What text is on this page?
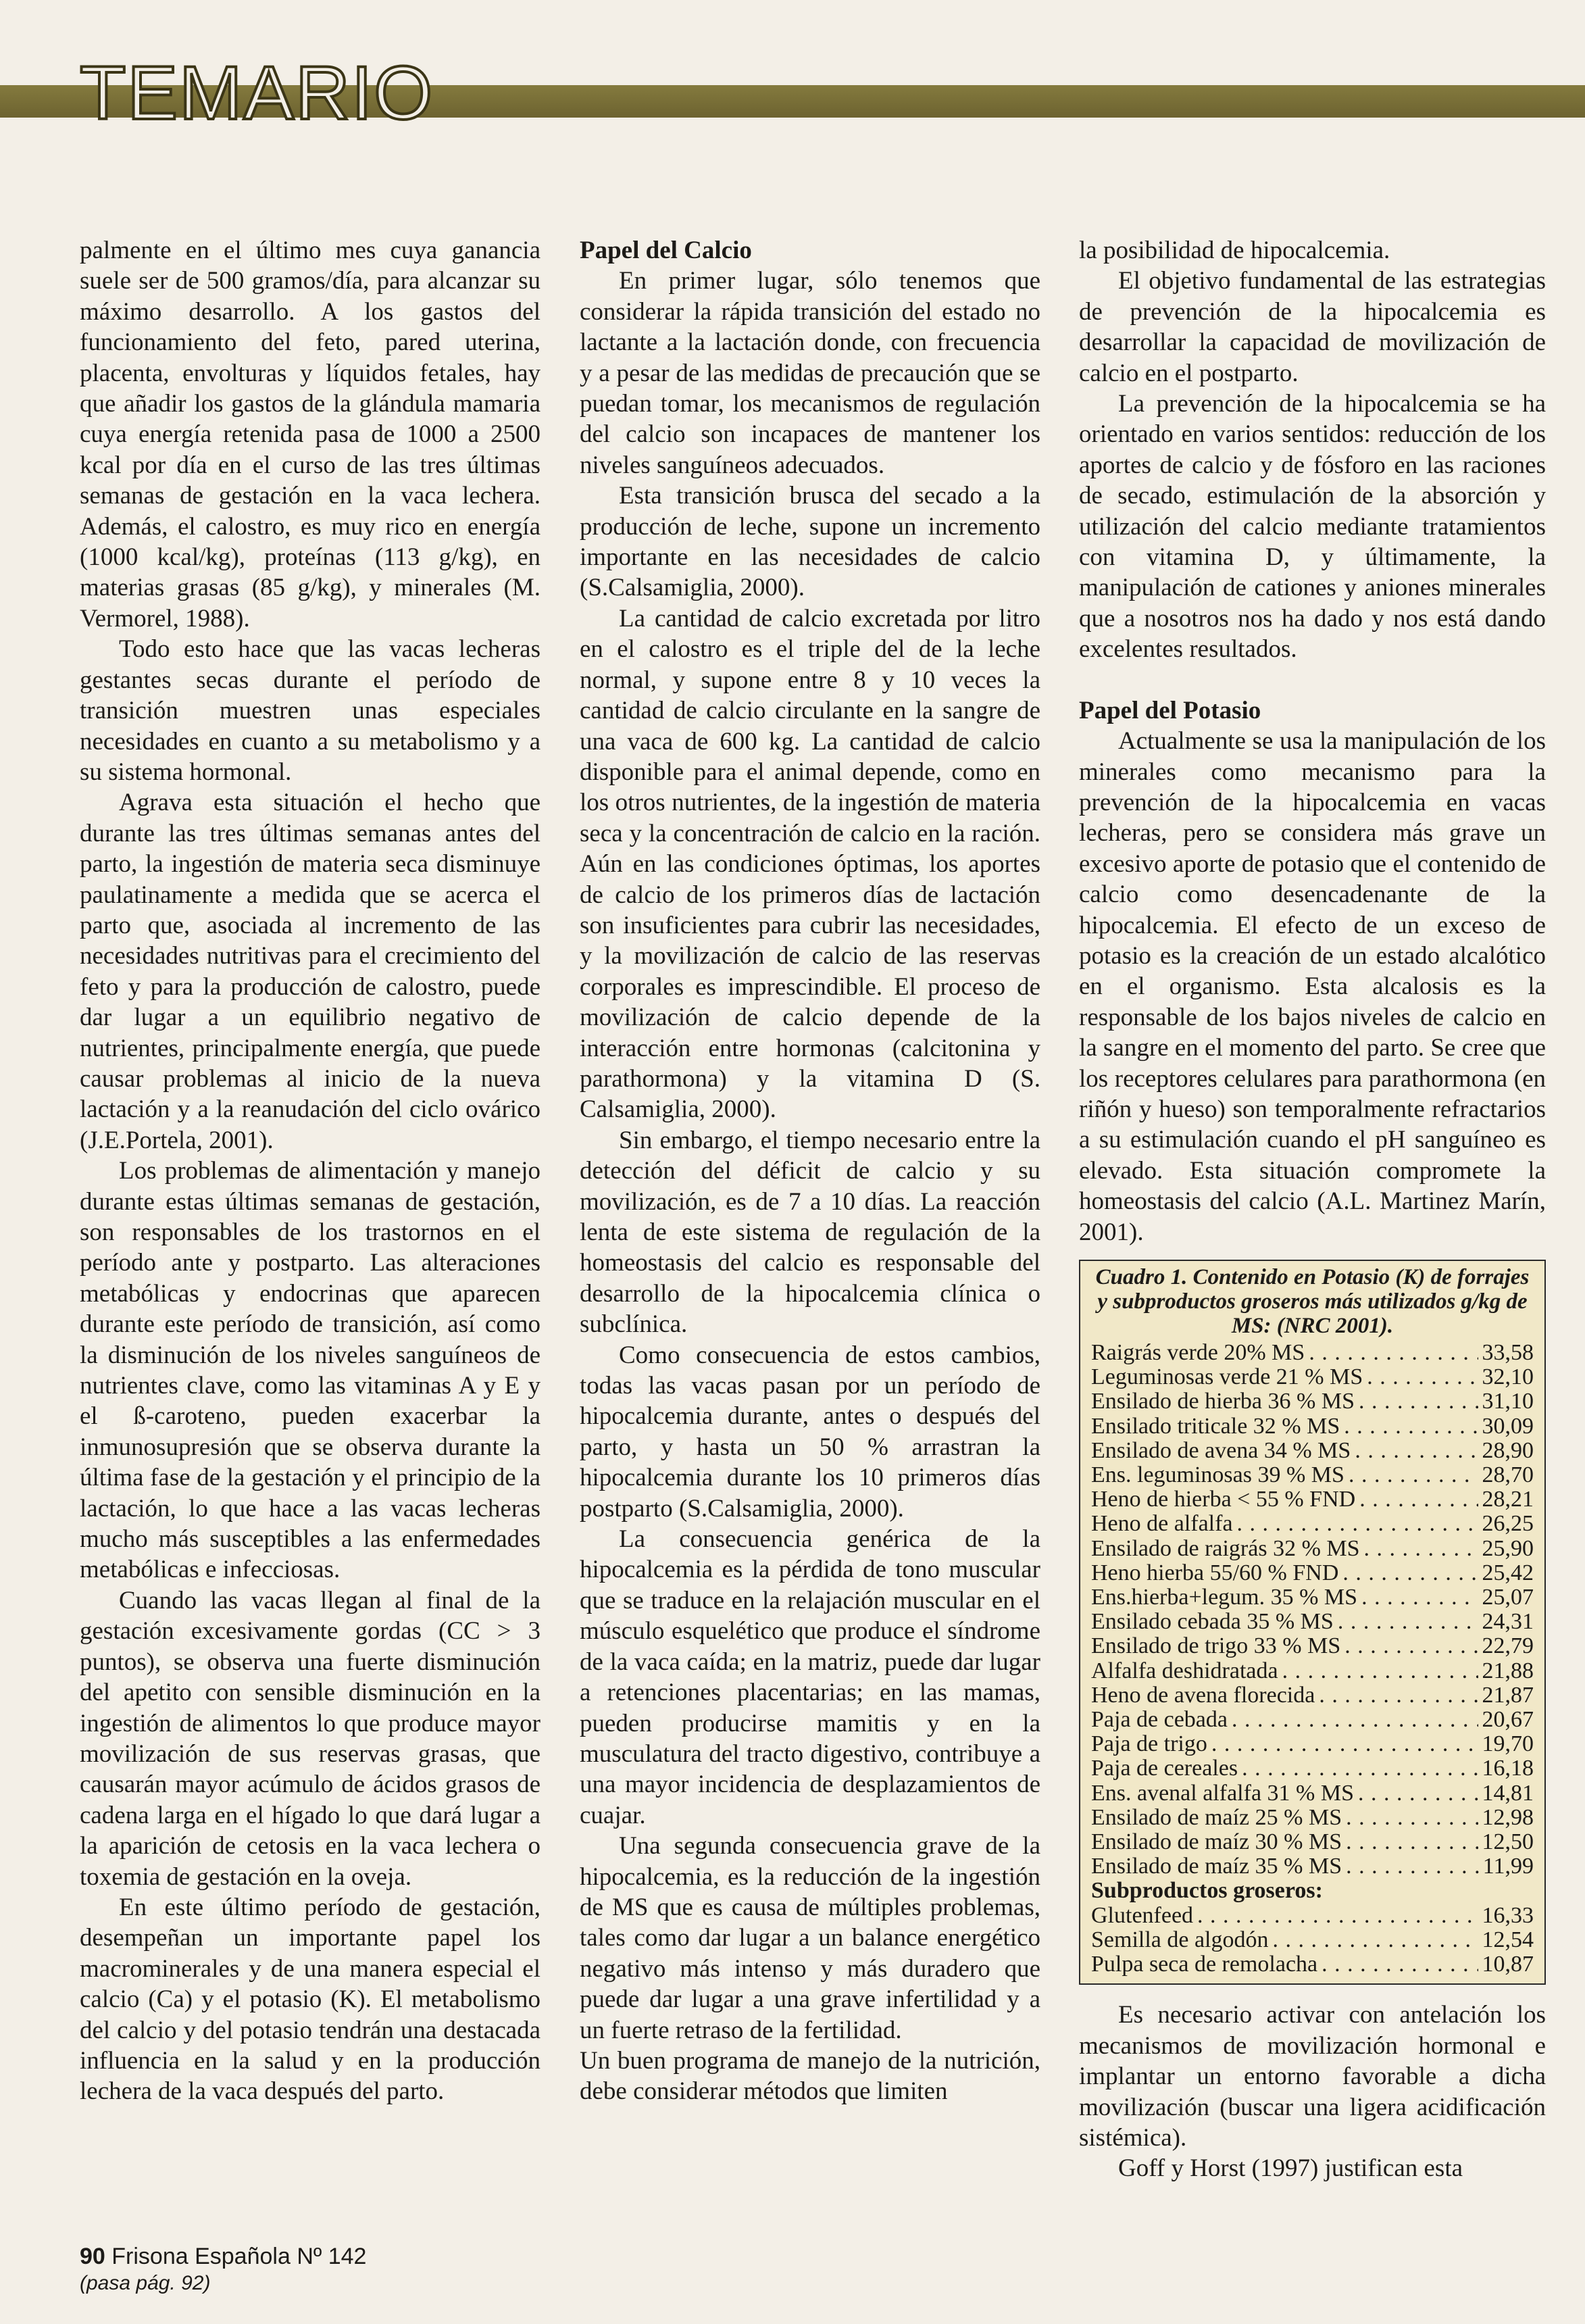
TEMARIO

palmente en el último mes cuya ganancia suele ser de 500 gramos/día, para alcanzar su máximo desarrollo. A los gastos del funcionamiento del feto, pared uterina, placenta, envolturas y líquidos fetales, hay que añadir los gastos de la glándula mamaria cuya energía retenida pasa de 1000 a 2500 kcal por día en el curso de las tres últimas semanas de gestación en la vaca lechera. Además, el calostro, es muy rico en energía (1000 kcal/kg), proteínas (113 g/kg), en materias grasas (85 g/kg), y minerales (M. Vermorel, 1988).

Todo esto hace que las vacas lecheras gestantes secas durante el período de transición muestren unas especiales necesidades en cuanto a su metabolismo y a su sistema hormonal.

Agrava esta situación el hecho que durante las tres últimas semanas antes del parto, la ingestión de materia seca disminuye paulatinamente a medida que se acerca el parto que, asociada al incremento de las necesidades nutritivas para el crecimiento del feto y para la producción de calostro, puede dar lugar a un equilibrio negativo de nutrientes, principalmente energía, que puede causar problemas al inicio de la nueva lactación y a la reanudación del ciclo ovárico (J.E.Portela, 2001).

Los problemas de alimentación y manejo durante estas últimas semanas de gestación, son responsables de los trastornos en el período ante y postparto. Las alteraciones metabólicas y endocrinas que aparecen durante este período de transición, así como la disminución de los niveles sanguíneos de nutrientes clave, como las vitaminas A y E y el ß-caroteno, pueden exacerbar la inmunosupresión que se observa durante la última fase de la gestación y el principio de la lactación, lo que hace a las vacas lecheras mucho más susceptibles a las enfermedades metabólicas e infecciosas.

Cuando las vacas llegan al final de la gestación excesivamente gordas (CC > 3 puntos), se observa una fuerte disminución del apetito con sensible disminución en la ingestión de alimentos lo que produce mayor movilización de sus reservas grasas, que causarán mayor acúmulo de ácidos grasos de cadena larga en el hígado lo que dará lugar a la aparición de cetosis en la vaca lechera o toxemia de gestación en la oveja.

En este último período de gestación, desempeñan un importante papel los macrominerales y de una manera especial el calcio (Ca) y el potasio (K). El metabolismo del calcio y del potasio tendrán una destacada influencia en la salud y en la producción lechera de la vaca después del parto.

Papel del Calcio

En primer lugar, sólo tenemos que considerar la rápida transición del estado no lactante a la lactación donde, con frecuencia y a pesar de las medidas de precaución que se puedan tomar, los mecanismos de regulación del calcio son incapaces de mantener los niveles sanguíneos adecuados.

Esta transición brusca del secado a la producción de leche, supone un incremento importante en las necesidades de calcio (S.Calsamiglia, 2000).

La cantidad de calcio excretada por litro en el calostro es el triple del de la leche normal, y supone entre 8 y 10 veces la cantidad de calcio circulante en la sangre de una vaca de 600 kg. La cantidad de calcio disponible para el animal depende, como en los otros nutrientes, de la ingestión de materia seca y la concentración de calcio en la ración. Aún en las condiciones óptimas, los aportes de calcio de los primeros días de lactación son insuficientes para cubrir las necesidades, y la movilización de calcio de las reservas corporales es imprescindible. El proceso de movilización de calcio depende de la interacción entre hormonas (calcitonina y parathormona) y la vitamina D (S. Calsamiglia, 2000).

Sin embargo, el tiempo necesario entre la detección del déficit de calcio y su movilización, es de 7 a 10 días. La reacción lenta de este sistema de regulación de la homeostasis del calcio es responsable del desarrollo de la hipocalcemia clínica o subclínica.

Como consecuencia de estos cambios, todas las vacas pasan por un período de hipocalcemia durante, antes o después del parto, y hasta un 50 % arrastran la hipocalcemia durante los 10 primeros días postparto (S.Calsamiglia, 2000).

La consecuencia genérica de la hipocalcemia es la pérdida de tono muscular que se traduce en la relajación muscular en el músculo esquelético que produce el síndrome de la vaca caída; en la matriz, puede dar lugar a retenciones placentarias; en las mamas, pueden producirse mamitis y en la musculatura del tracto digestivo, contribuye a una mayor incidencia de desplazamientos de cuajar.

Una segunda consecuencia grave de la hipocalcemia, es la reducción de la ingestión de MS que es causa de múltiples problemas, tales como dar lugar a un balance energético negativo más intenso y más duradero que puede dar lugar a una grave infertilidad y a un fuerte retraso de la fertilidad.

Un buen programa de manejo de la nutrición, debe considerar métodos que limiten

la posibilidad de hipocalcemia.

El objetivo fundamental de las estrategias de prevención de la hipocalcemia es desarrollar la capacidad de movilización de calcio en el postparto.

La prevención de la hipocalcemia se ha orientado en varios sentidos: reducción de los aportes de calcio y de fósforo en las raciones de secado, estimulación de la absorción y utilización del calcio mediante tratamientos con vitamina D, y últimamente, la manipulación de cationes y aniones minerales que a nosotros nos ha dado y nos está dando excelentes resultados.

Papel del Potasio

Actualmente se usa la manipulación de los minerales como mecanismo para la prevención de la hipocalcemia en vacas lecheras, pero se considera más grave un excesivo aporte de potasio que el contenido de calcio como desencadenante de la hipocalcemia. El efecto de un exceso de potasio es la creación de un estado alcalótico en el organismo. Esta alcalosis es la responsable de los bajos niveles de calcio en la sangre en el momento del parto. Se cree que los receptores celulares para parathormona (en riñón y hueso) son temporalmente refractarios a su estimulación cuando el pH sanguíneo es elevado. Esta situación compromete la homeostasis del calcio (A.L. Martinez Marín, 2001).

Cuadro 1. Contenido en Potasio (K) de forrajes y subproductos groseros más utilizados g/kg de MS: (NRC 2001).
Raigrás verde 20% MS . . .	33,58
Leguminosas verde 21 % MS . . .	32,10
Ensilado de hierba 36 % MS . . .	31,10
Ensilado triticale 32 % MS . . .	30,09
Ensilado de avena 34 % MS . . .	28,90
Ens. leguminosas 39 % MS . . .	28,70
Heno de hierba < 55 % FND . . .	28,21
Heno de alfalfa . . .	26,25
Ensilado de raigrás 32 % MS . . .	25,90
Heno hierba 55/60 % FND . . .	25,42
Ens.hierba+legum. 35 % MS . . .	25,07
Ensilado cebada 35 % MS . . .	24,31
Ensilado de trigo 33 % MS . . .	22,79
Alfalfa deshidratada . . .	21,88
Heno de avena florecida . . .	21,87
Paja de cebada . . .	20,67
Paja de trigo . . .	19,70
Paja de cereales . . .	16,18
Ens. avenal alfalfa 31 % MS . . .	14,81
Ensilado de maíz 25 % MS . . .	12,98
Ensilado de maíz 30 % MS . . .	12,50
Ensilado de maíz 35 % MS . . .	11,99
Subproductos groseros:
Glutenfeed . . .	16,33
Semilla de algodón . . .	12,54
Pulpa seca de remolacha . . .	10,87

Es necesario activar con antelación los mecanismos de movilización hormonal e implantar un entorno favorable a dicha movilización (buscar una ligera acidificación sistémica).

Goff y Horst (1997) justifican esta

90 Frisona Española Nº 142
(pasa pág. 92)
